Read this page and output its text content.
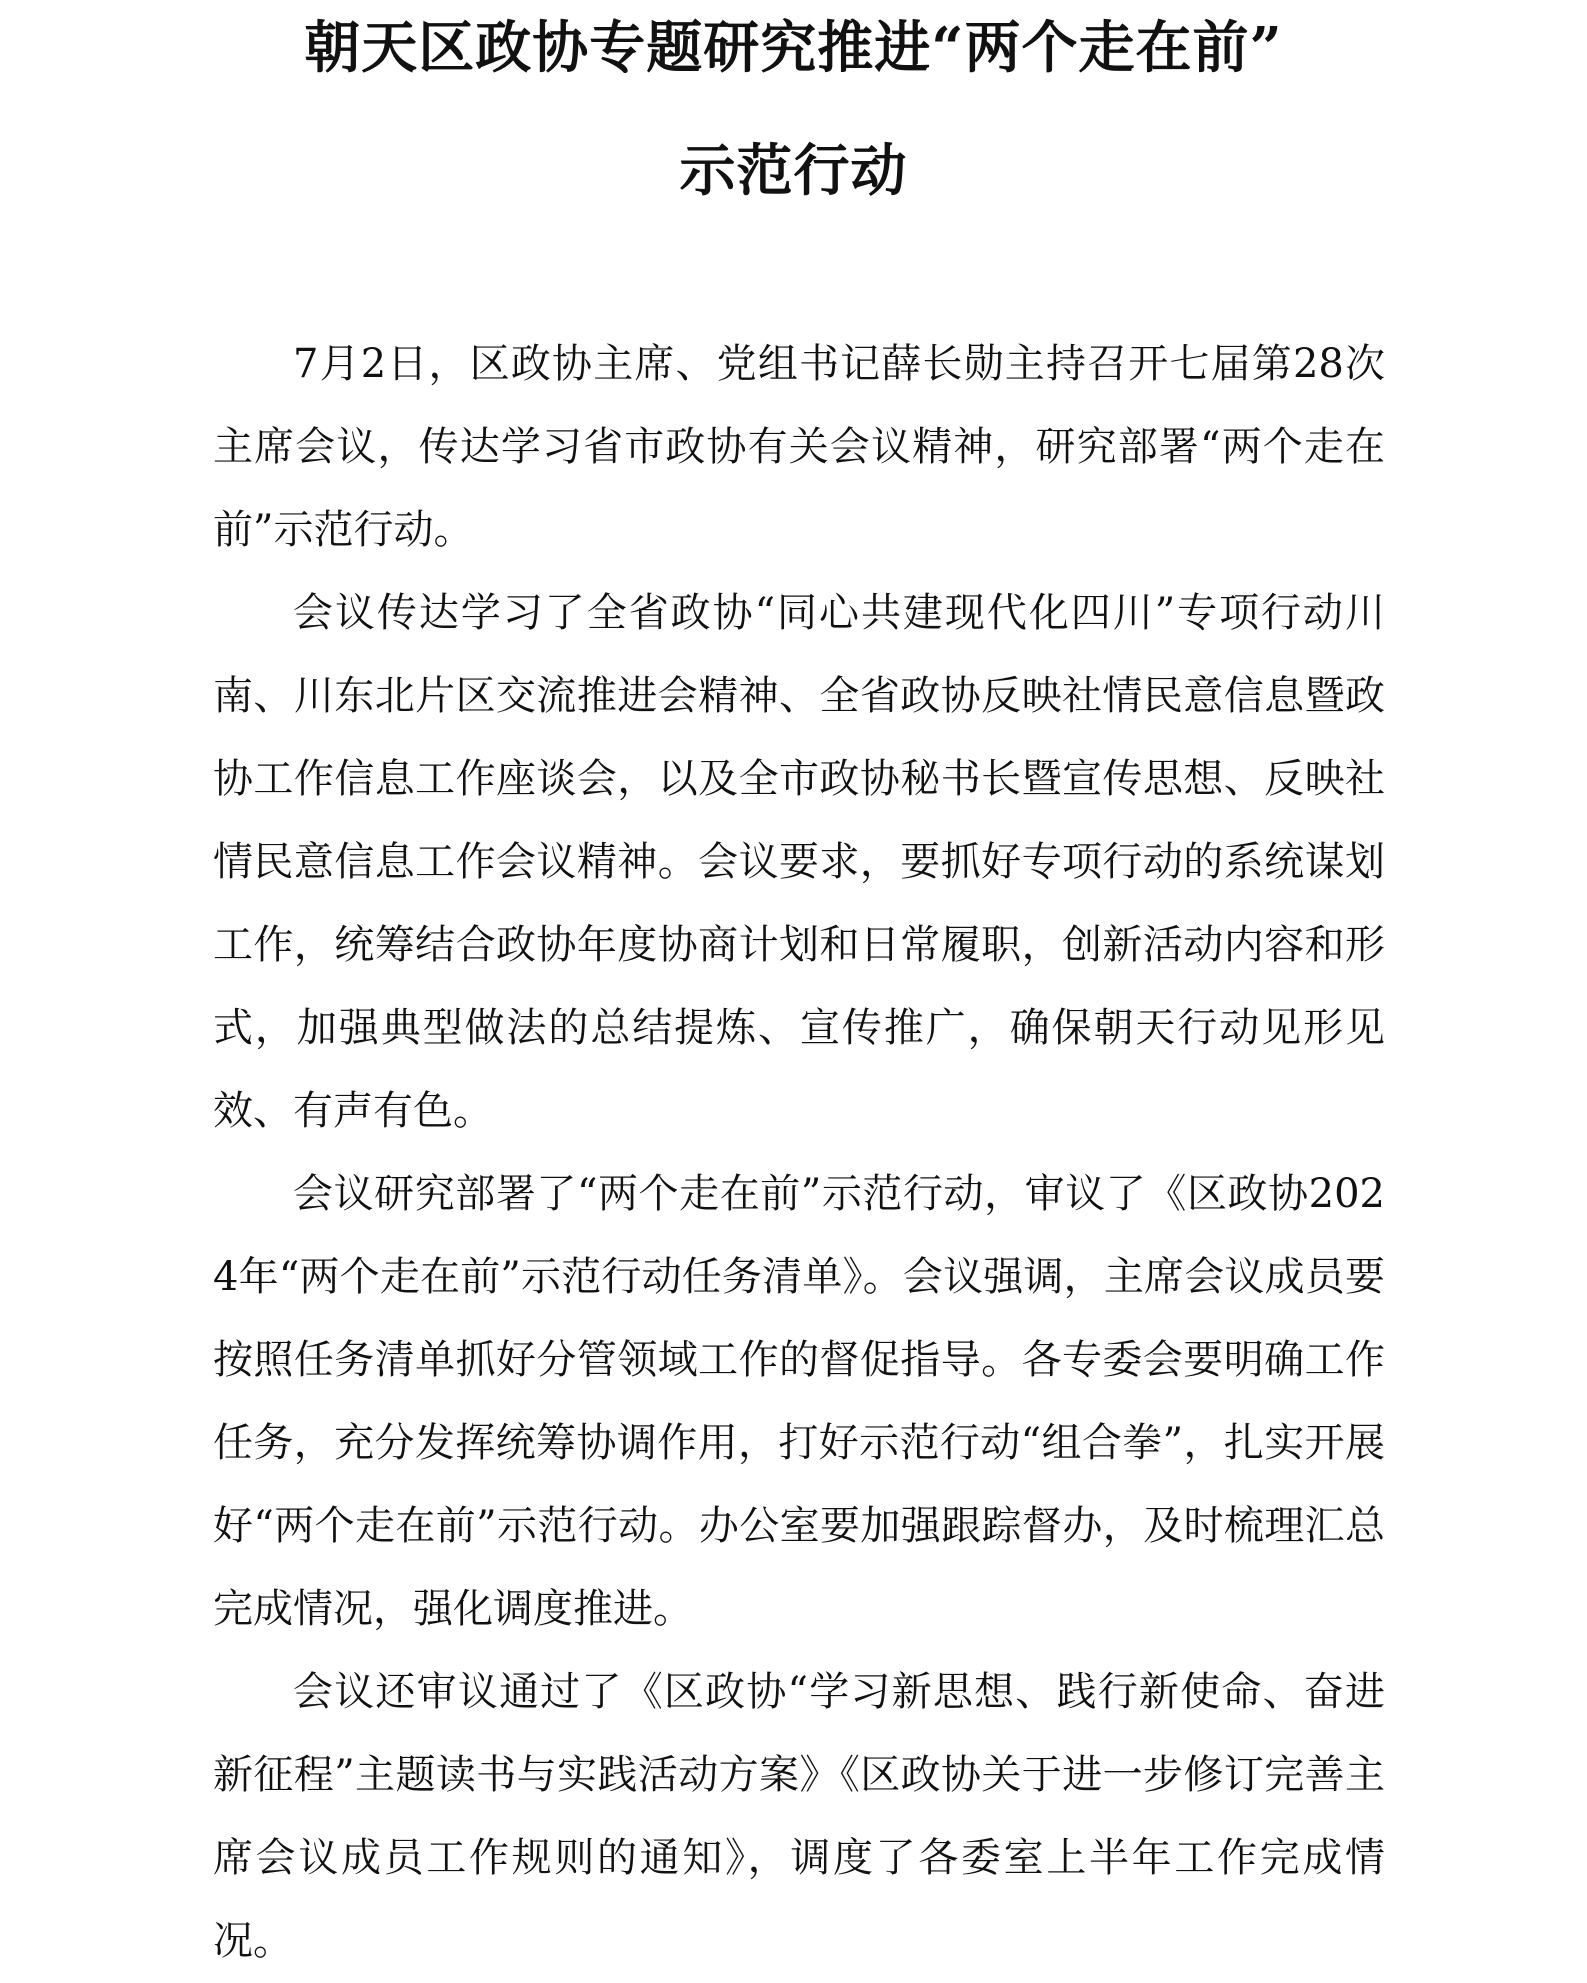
朝天区政协专题研究推进“两个走在前”
示范行动

7月2日，区政协主席、党组书记薛长勋主持召开七届第28次主席会议，传达学习省市政协有关会议精神，研究部署“两个走在前”示范行动。

会议传达学习了全省政协“同心共建现代化四川”专项行动川南、川东北片区交流推进会精神、全省政协反映社情民意信息暨政协工作信息工作座谈会，以及全市政协秘书长暨宣传思想、反映社情民意信息工作会议精神。会议要求，要抓好专项行动的系统谋划工作，统筹结合政协年度协商计划和日常履职，创新活动内容和形式，加强典型做法的总结提炼、宣传推广，确保朝天行动见形见效、有声有色。

会议研究部署了“两个走在前”示范行动，审议了《区政协2024年“两个走在前”示范行动任务清单》。会议强调，主席会议成员要按照任务清单抓好分管领域工作的督促指导。各专委会要明确工作任务，充分发挥统筹协调作用，打好示范行动“组合拳”，扎实开展好“两个走在前”示范行动。办公室要加强跟踪督办，及时梳理汇总完成情况，强化调度推进。

会议还审议通过了《区政协“学习新思想、践行新使命、奋进新征程”主题读书与实践活动方案》《区政协关于进一步修订完善主席会议成员工作规则的通知》，调度了各委室上半年工作完成情况。
